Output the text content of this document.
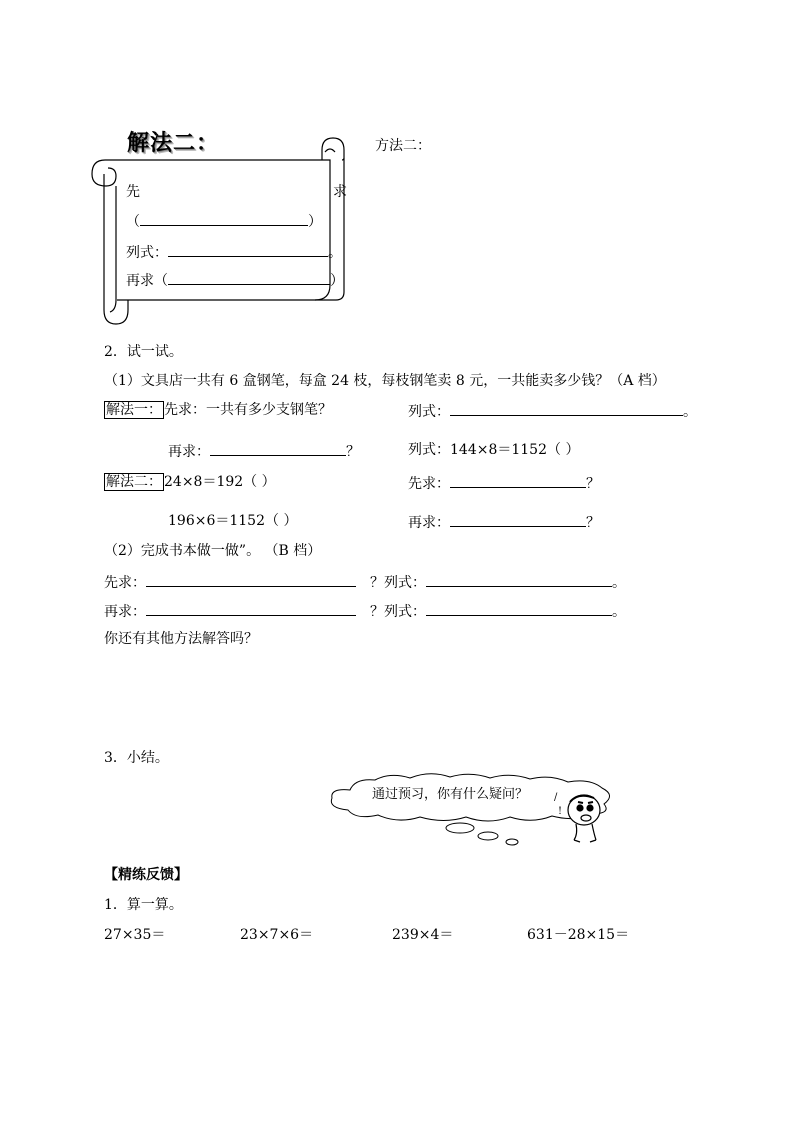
解法二：	方法二：
先	求
（	）
列式：	。
再求（	）
2．试一试。
（1）文具店一共有 6 盒钢笔，每盒 24 枝，每枝钢笔卖 8 元，一共能卖多少钱？（A 档）
解法一： 先求：一共有多少支钢笔？	列式：	。
再求：	？	列式：144×8＝1152（ ）
解法二： 24×8＝192（ ）	先求：	？
196×6＝1152（ ）	再求：	？
（2）完成书本做一做”。 （B 档）
先求：	？列式：	。
再求：	？列式：	。
你还有其他方法解答吗？
3．小结。
通过预习，你有什么疑问？	/
!
【精练反馈】
1．算一算。
27×35＝	23×7×6＝	239×4＝	631－28×15＝
